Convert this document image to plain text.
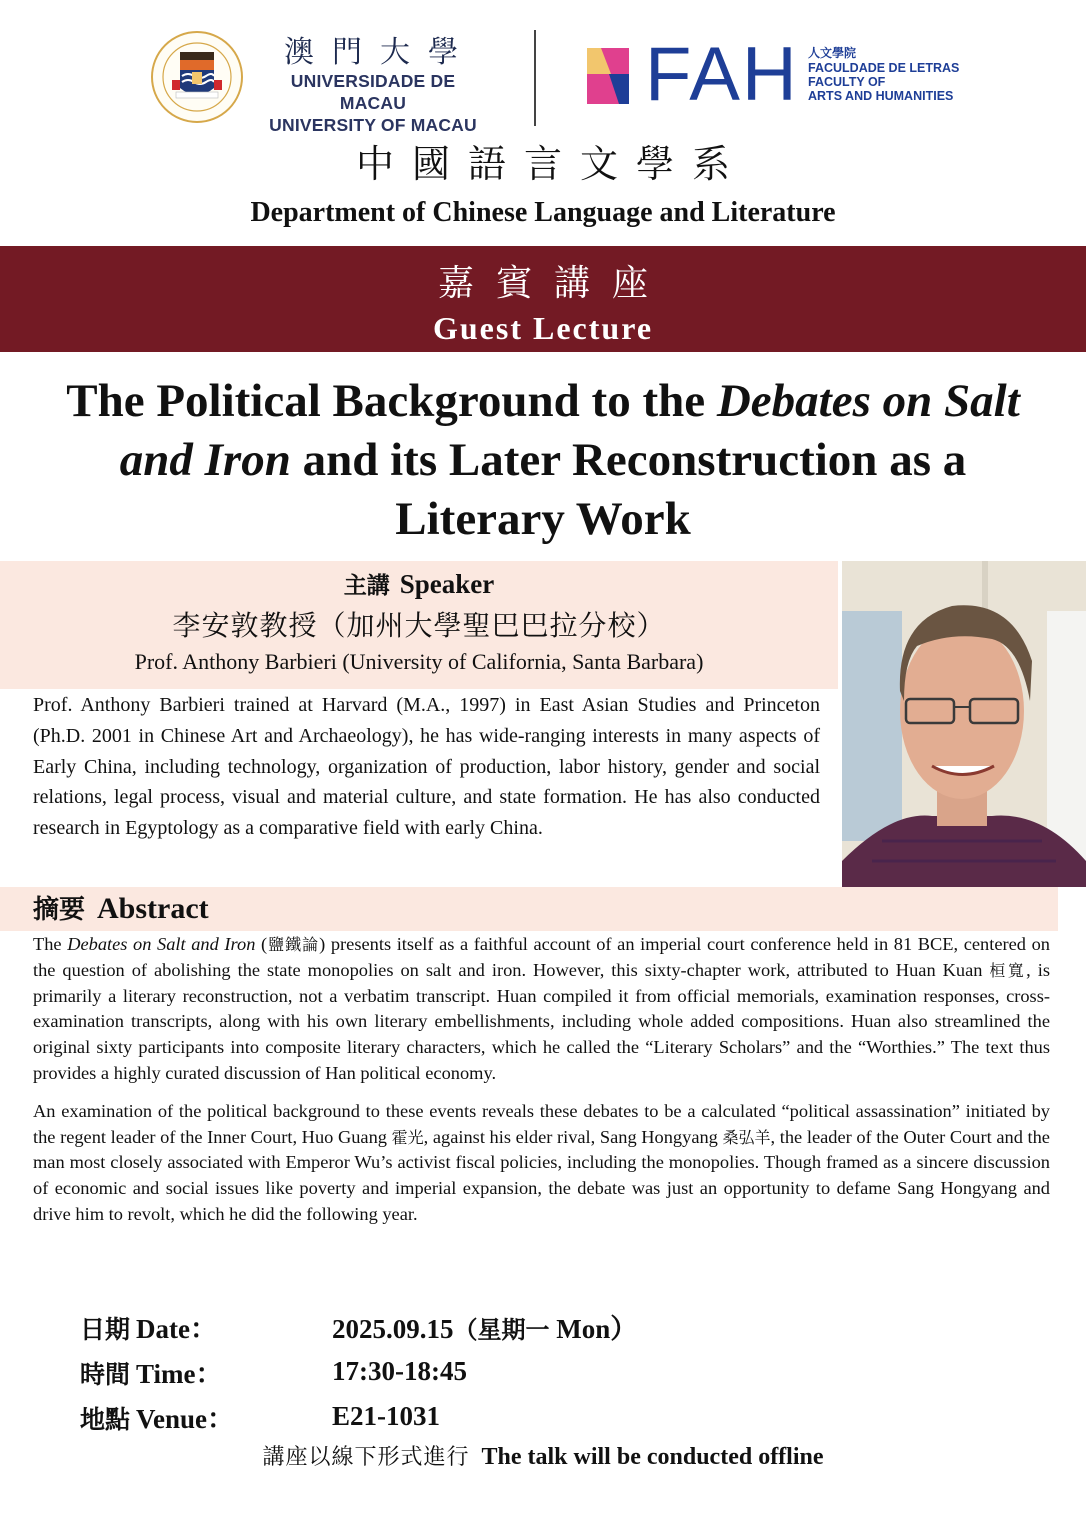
澳門大學
UNIVERSIDADE DE MACAU
UNIVERSITY OF MACAU
FAH 人文學院
FACULDADE DE LETRAS
FACULTY OF
ARTS AND HUMANITIES
中國語言文學系
Department of Chinese Language and Literature
嘉賓講座
Guest Lecture
The Political Background to the Debates on Salt and Iron and its Later Reconstruction as a Literary Work
主講 Speaker
李安敦教授（加州大學聖巴巴拉分校）
Prof. Anthony Barbieri (University of California, Santa Barbara)
Prof. Anthony Barbieri trained at Harvard (M.A., 1997) in East Asian Studies and Princeton (Ph.D. 2001 in Chinese Art and Archaeology), he has wide-ranging interests in many aspects of Early China, including technology, organization of production, labor history, gender and social relations, legal process, visual and material culture, and state formation. He has also conducted research in Egyptology as a comparative field with early China.
摘要 Abstract

The Debates on Salt and Iron (鹽鐵論) presents itself as a faithful account of an imperial court conference held in 81 BCE, centered on the question of abolishing the state monopolies on salt and iron. However, this sixty-chapter work, attributed to Huan Kuan 桓寬, is primarily a literary reconstruction, not a verbatim transcript. Huan compiled it from official memorials, examination responses, cross-examination transcripts, along with his own literary embellishments, including whole added compositions. Huan also streamlined the original sixty participants into composite literary characters, which he called the “Literary Scholars” and the “Worthies.” The text thus provides a highly curated discussion of Han political economy.

An examination of the political background to these events reveals these debates to be a calculated “political assassination” initiated by the regent leader of the Inner Court, Huo Guang 霍光, against his elder rival, Sang Hongyang 桑弘羊, the leader of the Outer Court and the man most closely associated with Emperor Wu’s activist fiscal policies, including the monopolies. Though framed as a sincere discussion of economic and social issues like poverty and imperial expansion, the debate was just an opportunity to defame Sang Hongyang and drive him to revolt, which he did the following year.

日期 Date：	2025.09.15（星期一 Mon）
時間 Time：	17:30-18:45
地點 Venue：	E21-1031
講座以線下形式進行 The talk will be conducted offline
